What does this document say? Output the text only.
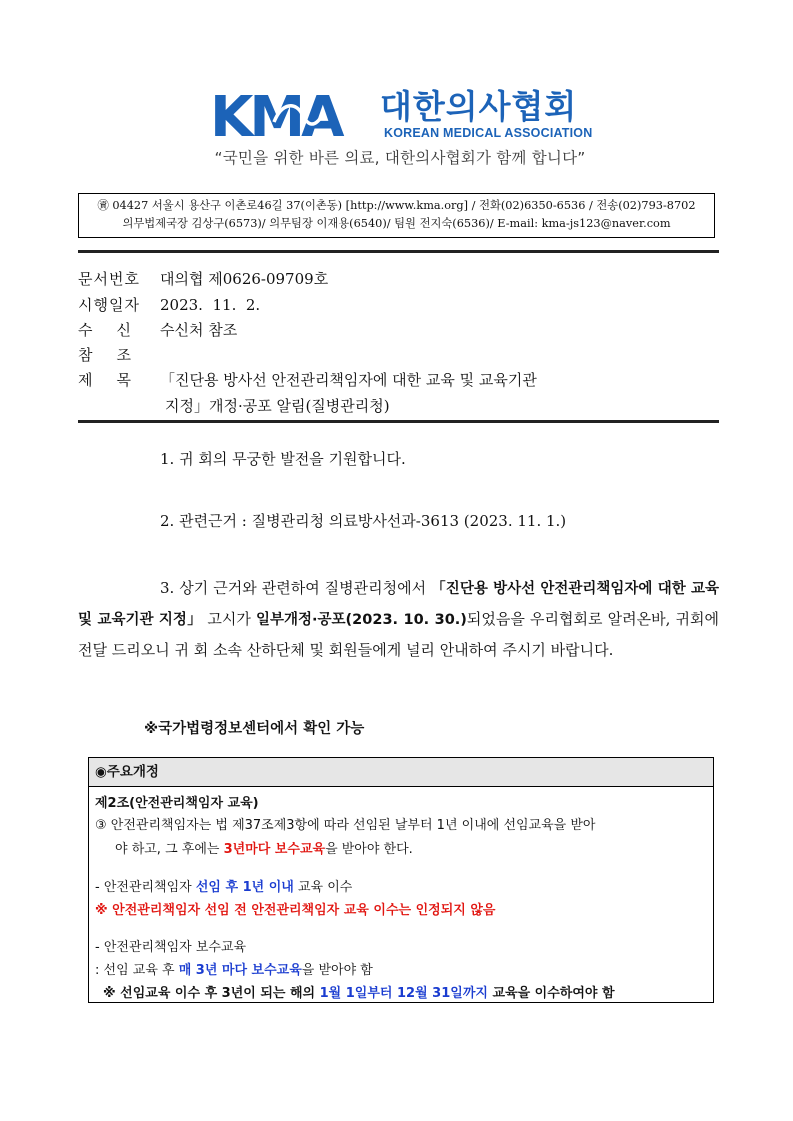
KMA 대한의사협회
KOREAN MEDICAL ASSOCIATION
“국민을 위한 바른 의료, 대한의사협회가 함께 합니다”
㊮ 04427 서울시 용산구 이촌로46길 37(이촌동) [http://www.kma.org] / 전화(02)6350-6536 / 전송(02)793-8702
의무법제국장 김상구(6573)/ 의무팀장 이재용(6540)/ 팀원 전지숙(6536)/ E-mail: kma-js123@naver.com
문서번호 대의협 제0626-09709호
시행일자 2023.  11.  2.
수신 수신처 참조
참조
제목 「진단용 방사선 안전관리책임자에 대한 교육 및 교육기관
지정」개정·공포 알림(질병관리청)
1. 귀 회의 무궁한 발전을 기원합니다.
2. 관련근거 : 질병관리청 의료방사선과-3613 (2023. 11. 1.)
3. 상기 근거와 관련하여 질병관리청에서 「진단용 방사선 안전관리책임자에 대한 교육 및 교육기관 지정」 고시가 일부개정·공포(2023. 10. 30.)되었음을 우리협회로 알려온바, 귀회에 전달 드리오니 귀 회 소속 산하단체 및 회원들에게 널리 안내하여 주시기 바랍니다.
※국가법령정보센터에서 확인 가능
◉주요개정
제2조(안전관리책임자 교육)
③ 안전관리책임자는 법 제37조제3항에 따라 선임된 날부터 1년 이내에 선임교육을 받아
야 하고, 그 후에는 3년마다 보수교육을 받아야 한다.
- 안전관리책임자 선임 후 1년 이내 교육 이수
※ 안전관리책임자 선임 전 안전관리책임자 교육 이수는 인정되지 않음
- 안전관리책임자 보수교육
: 선임 교육 후 매 3년 마다 보수교육을 받아야 함
※ 선임교육 이수 후 3년이 되는 해의 1월 1일부터 12월 31일까지 교육을 이수하여야 함
